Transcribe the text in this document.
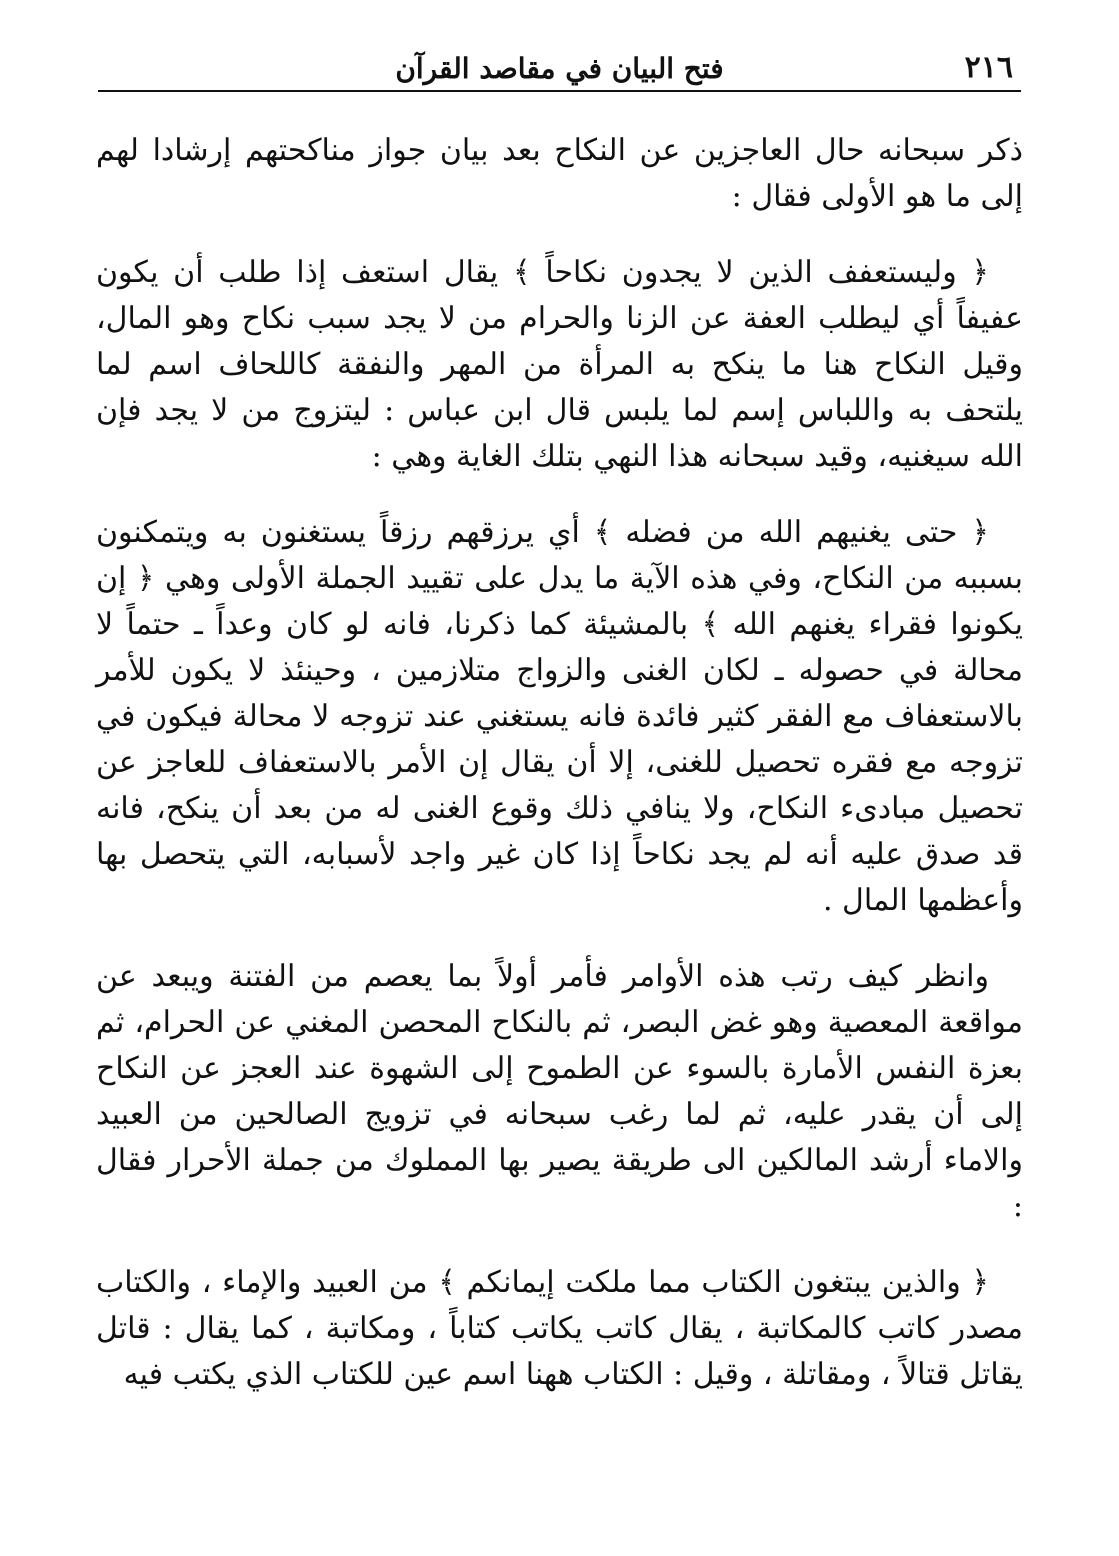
٢١٦
فتح البيان في مقاصد القرآن

ذكر سبحانه حال العاجزين عن النكاح بعد بيان جواز مناكحتهم إرشادا لهم إلى ما هو الأولى فقال :

﴿ وليستعفف الذين لا يجدون نكاحاً ﴾ يقال استعف إذا طلب أن يكون عفيفاً أي ليطلب العفة عن الزنا والحرام من لا يجد سبب نكاح وهو المال، وقيل النكاح هنا ما ينكح به المرأة من المهر والنفقة كاللحاف اسم لما يلتحف به واللباس إسم لما يلبس قال ابن عباس : ليتزوج من لا يجد فإن الله سيغنيه، وقيد سبحانه هذا النهي بتلك الغاية وهي :

﴿ حتى يغنيهم الله من فضله ﴾ أي يرزقهم رزقاً يستغنون به ويتمكنون بسببه من النكاح، وفي هذه الآية ما يدل على تقييد الجملة الأولى وهي ﴿ إن يكونوا فقراء يغنهم الله ﴾ بالمشيئة كما ذكرنا، فانه لو كان وعداً ـ حتماً لا محالة في حصوله ـ لكان الغنى والزواج متلازمين ، وحينئذ لا يكون للأمر بالاستعفاف مع الفقر كثير فائدة فانه يستغني عند تزوجه لا محالة فيكون في تزوجه مع فقره تحصيل للغنى، إلا أن يقال إن الأمر بالاستعفاف للعاجز عن تحصيل مبادىء النكاح، ولا ينافي ذلك وقوع الغنى له من بعد أن ينكح، فانه قد صدق عليه أنه لم يجد نكاحاً إذا كان غير واجد لأسبابه، التي يتحصل بها وأعظمها المال .

وانظر كيف رتب هذه الأوامر فأمر أولاً بما يعصم من الفتنة ويبعد عن مواقعة المعصية وهو غض البصر، ثم بالنكاح المحصن المغني عن الحرام، ثم بعزة النفس الأمارة بالسوء عن الطموح إلى الشهوة عند العجز عن النكاح إلى أن يقدر عليه، ثم لما رغب سبحانه في تزويج الصالحين من العبيد والاماء أرشد المالكين الى طريقة يصير بها المملوك من جملة الأحرار فقال :

﴿ والذين يبتغون الكتاب مما ملكت إيمانكم ﴾ من العبيد والإماء ، والكتاب مصدر كاتب كالمكاتبة ، يقال كاتب يكاتب كتاباً ، ومكاتبة ، كما يقال : قاتل يقاتل قتالاً ، ومقاتلة ، وقيل : الكتاب ههنا اسم عين للكتاب الذي يكتب فيه
